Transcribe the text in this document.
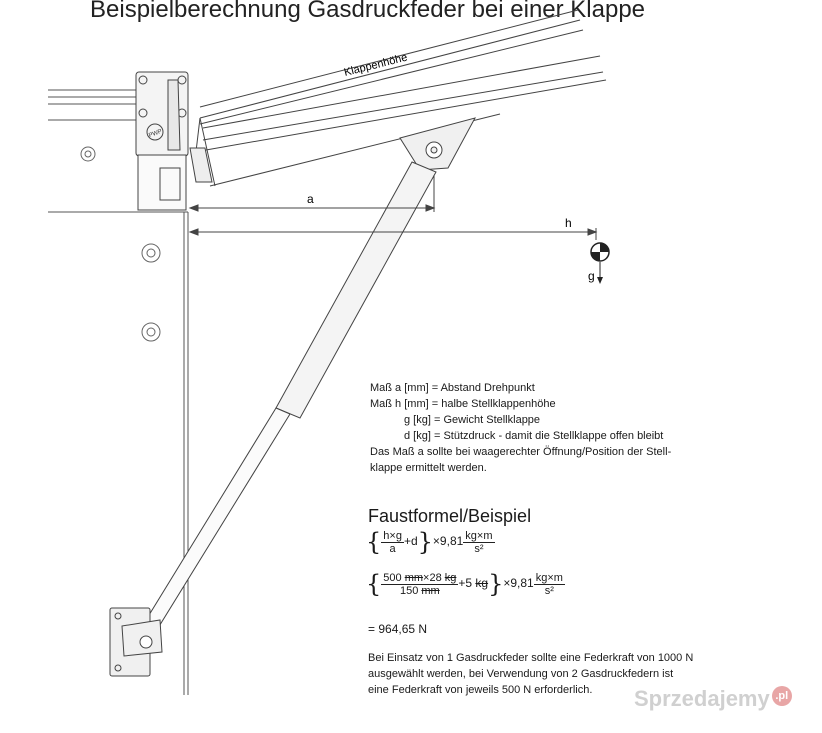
Beispielberechnung Gasdruckfeder bei einer Klappe
PWP
Klappenhöhe
a
h
g
Maß a [mm] = Abstand Drehpunkt
Maß h [mm] = halbe Stellklappenhöhe
g [kg] = Gewicht Stellklappe
d [kg] = Stützdruck - damit die Stellklappe offen bleibt
Das Maß a sollte bei waagerechter Öffnung/Position der Stell-
klappe ermittelt werden.
Faustformel/Beispiel
{ $\frac{h\times g}{a} +d\}\times 9,81 \frac{kg\times m}{\text{s²}}$
{ $\frac{500 mm\times 28 kg}{150 mm} +5$ $kg\}\times 9,81 \frac{kg\times m}{\text{s²}}$
= 964,65 N
Bei Einsatz von 1 Gasdruckfeder sollte eine Federkraft von 1000 N
ausgewählt werden, bei Verwendung von 2 Gasdruckfedern ist
eine Federkraft von jeweils 500 N erforderlich.	Sprzedajemy .pl
